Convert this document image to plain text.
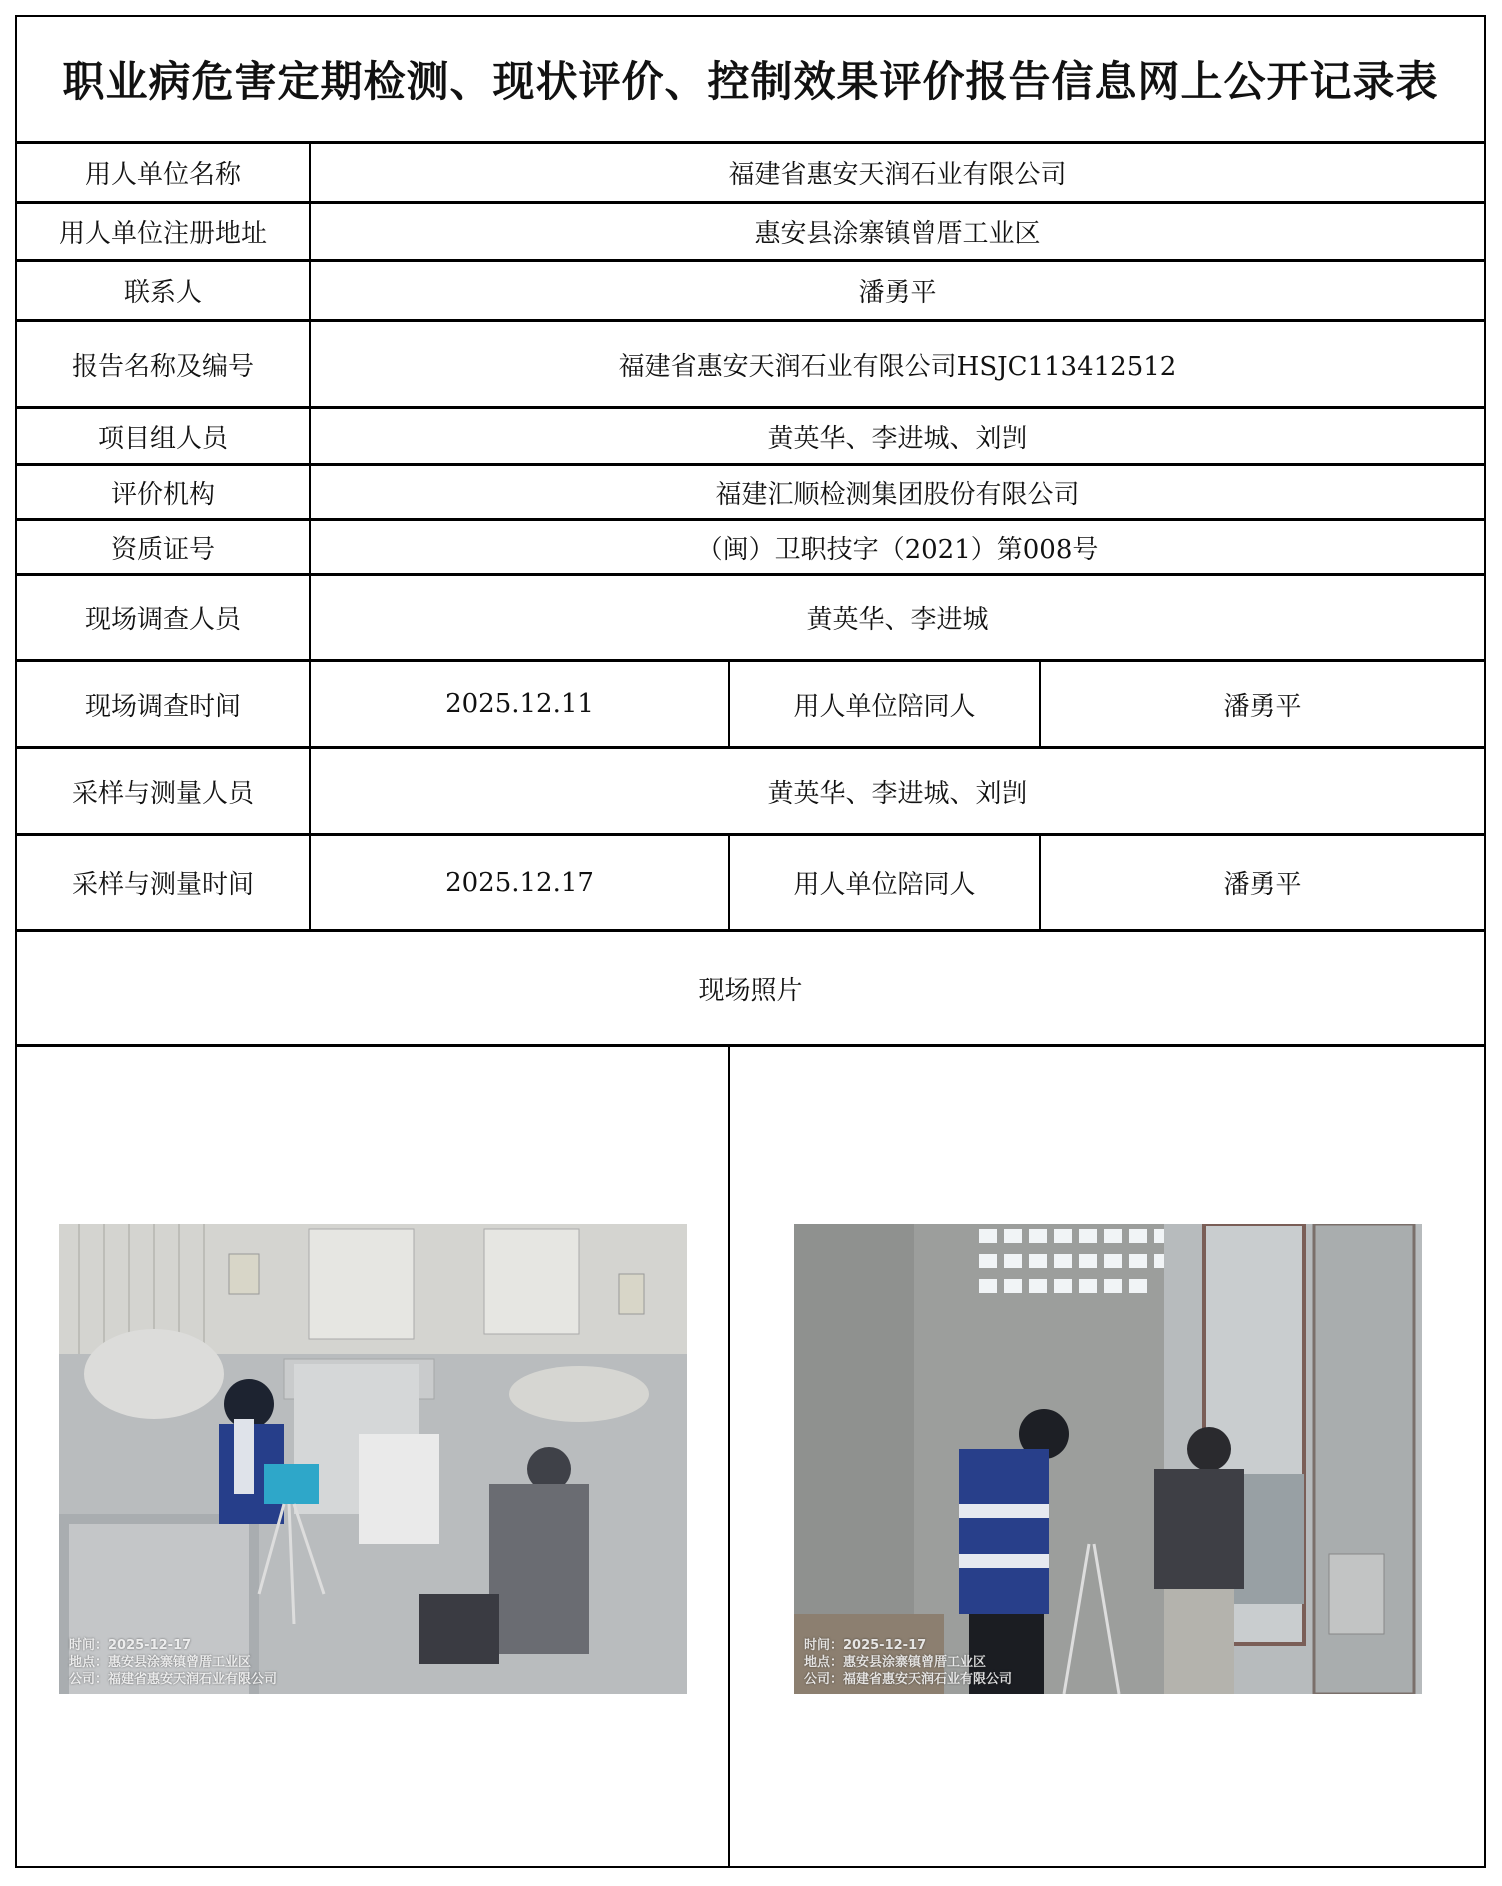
职业病危害定期检测、现状评价、控制效果评价报告信息网上公开记录表
用人单位名称	福建省惠安天润石业有限公司
用人单位注册地址	惠安县涂寨镇曾厝工业区
联系人	潘勇平
报告名称及编号	福建省惠安天润石业有限公司HSJC113412512
项目组人员	黄英华、李进城、刘剀
评价机构	福建汇顺检测集团股份有限公司
资质证号	（闽）卫职技字（2021）第008号
现场调查人员	黄英华、李进城
现场调查时间	2025.12.11	用人单位陪同人	潘勇平
采样与测量人员	黄英华、李进城、刘剀
采样与测量时间	2025.12.17	用人单位陪同人	潘勇平
现场照片
时间：2025-12-17
地点：惠安县涂寨镇曾厝工业区
公司：福建省惠安天润石业有限公司
时间：2025-12-17
地点：惠安县涂寨镇曾厝工业区
公司：福建省惠安天润石业有限公司
